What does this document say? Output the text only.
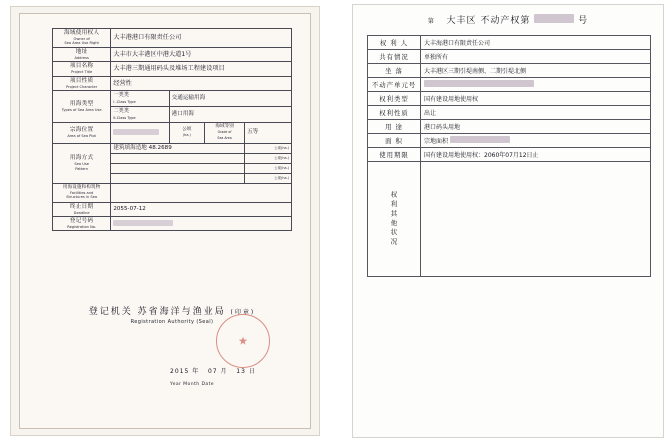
海域使用权人
Owner of
Sea Area Use Right	大丰港港口有限责任公司			

地址
Address	大丰市大丰港区中港大道1号			

项目名称
Project Title	大丰港三期通用码头及堆场工程建设项目			

项目性质
Project Character	经营性			

用海类型
Types of Sea Area Use	一类类
I -Class Type	交通运输用海		
	二类类
II-Class Type	港口用海		

宗海位置
Area of Sea Plot		公顷
(ha.)	海域等别
Grade of
Sea Area	五等

用海方式
Sea Use
Pattern	建筑填海造地 48.2689			公顷(ha.)
				公顷(ha.)
				公顷(ha.)
				公顷(ha.)

用海设施和构筑物
Facilities and
Structures in Sea				

终止日期
Deadline	2055-07-12			

登记号码
Registration No.				

登记机关 苏省海洋与渔业局 (印章)
Registration Authority (Seal)
2015 年 07 月 13 日
Year Month Date
第 大丰区 不动产权第	号
权 利 人	大丰海港口有限责任公司
共有情况	单独所有
坐 落	大丰港区三期引堤南侧、二期引堤北侧
不动产单元号	
权利类型	国有建设用地使用权
权利性质	出让
用 途	港口码头用地
面 积	宗地面积
使用期限	国有建设用地使用权：2060年07月12日止

权利其他状况	
